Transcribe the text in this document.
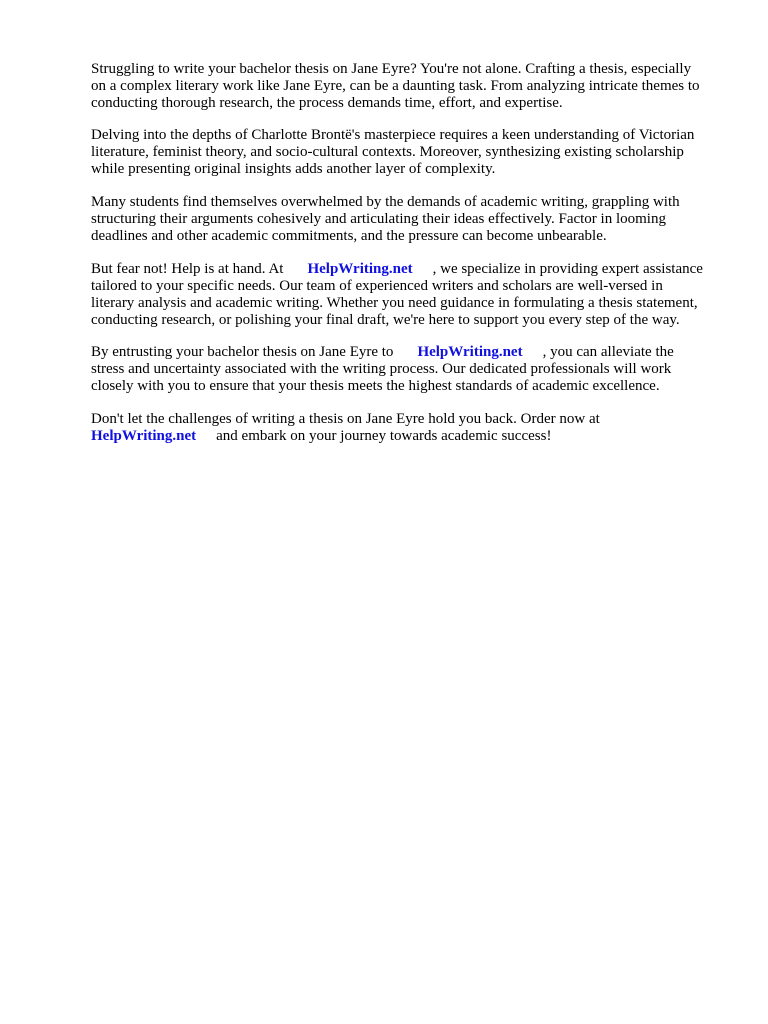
Struggling to write your bachelor thesis on Jane Eyre? You're not alone. Crafting a thesis, especially
on a complex literary work like Jane Eyre, can be a daunting task. From analyzing intricate themes to
conducting thorough research, the process demands time, effort, and expertise.

Delving into the depths of Charlotte Brontë's masterpiece requires a keen understanding of Victorian
literature, feminist theory, and socio-cultural contexts. Moreover, synthesizing existing scholarship
while presenting original insights adds another layer of complexity.

Many students find themselves overwhelmed by the demands of academic writing, grappling with
structuring their arguments cohesively and articulating their ideas effectively. Factor in looming
deadlines and other academic commitments, and the pressure can become unbearable.

But fear not! Help is at hand. At HelpWriting.net , we specialize in providing expert assistance
tailored to your specific needs. Our team of experienced writers and scholars are well-versed in
literary analysis and academic writing. Whether you need guidance in formulating a thesis statement,
conducting research, or polishing your final draft, we're here to support you every step of the way.

By entrusting your bachelor thesis on Jane Eyre to HelpWriting.net , you can alleviate the
stress and uncertainty associated with the writing process. Our dedicated professionals will work
closely with you to ensure that your thesis meets the highest standards of academic excellence.

Don't let the challenges of writing a thesis on Jane Eyre hold you back. Order now at
HelpWriting.net and embark on your journey towards academic success!
